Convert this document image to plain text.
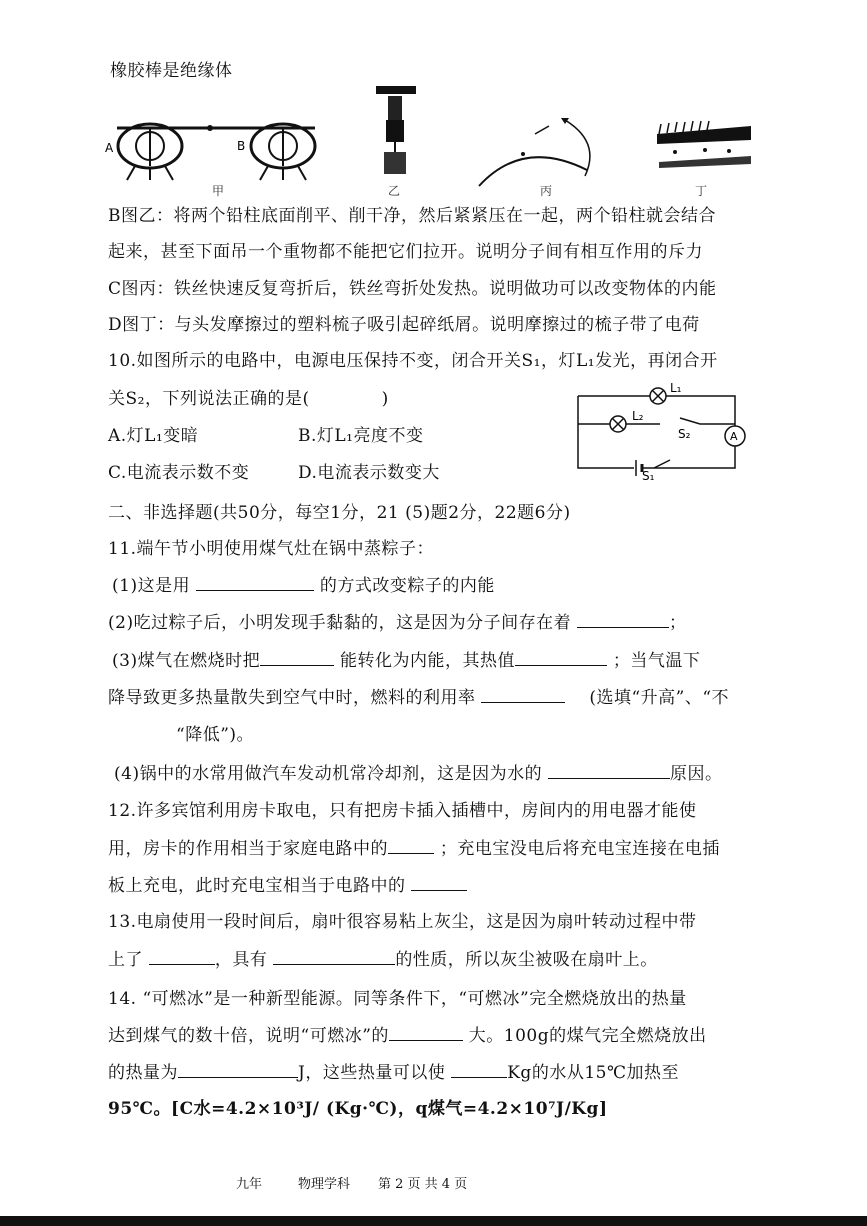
橡胶棒是绝缘体
A	B
甲	乙	丙	丁
B图乙：将两个铅柱底面削平、削干净，然后紧紧压在一起，两个铅柱就会结合
起来，甚至下面吊一个重物都不能把它们拉开。说明分子间有相互作用的斥力
C图丙：铁丝快速反复弯折后，铁丝弯折处发热。说明做功可以改变物体的内能
D图丁：与头发摩擦过的塑料梳子吸引起碎纸屑。说明摩擦过的梳子带了电荷
10.如图所示的电路中，电源电压保持不变，闭合开关S₁，灯L₁发光，再闭合开
关S₂，下列说法正确的是(	)
A.灯L₁变暗	B.灯L₁亮度不变
C.电流表示数不变	D.电流表示数变大
L₁
L₂
S₂	A
S₁
二、非选择题(共50分，每空1分，21 (5)题2分，22题6分)
11.端午节小明使用煤气灶在锅中蒸粽子：
(1)这是用	的方式改变粽子的内能
(2)吃过粽子后，小明发现手黏黏的，这是因为分子间存在着	；
(3)煤气在燃烧时把	能转化为内能，其热值	；当气温下
降导致更多热量散失到空气中时，燃料的利用率	(选填“升高”、“不
“降低”)。
(4)锅中的水常用做汽车发动机常冷却剂，这是因为水的	原因。
12.许多宾馆利用房卡取电，只有把房卡插入插槽中，房间内的用电器才能使
用，房卡的作用相当于家庭电路中的	；充电宝没电后将充电宝连接在电插
板上充电，此时充电宝相当于电路中的
13.电扇使用一段时间后，扇叶很容易粘上灰尘，这是因为扇叶转动过程中带
上了	，具有	的性质，所以灰尘被吸在扇叶上。
14. “可燃冰”是一种新型能源。同等条件下，“可燃冰”完全燃烧放出的热量
达到煤气的数十倍，说明“可燃冰”的	大。100g的煤气完全燃烧放出
的热量为	J，这些热量可以使	Kg的水从15℃加热至
95℃。[C水=4.2×10³J/ (Kg·℃)，q煤气=4.2×10⁷J/Kg]
九年	物理学科 第 2 页 共 4 页
